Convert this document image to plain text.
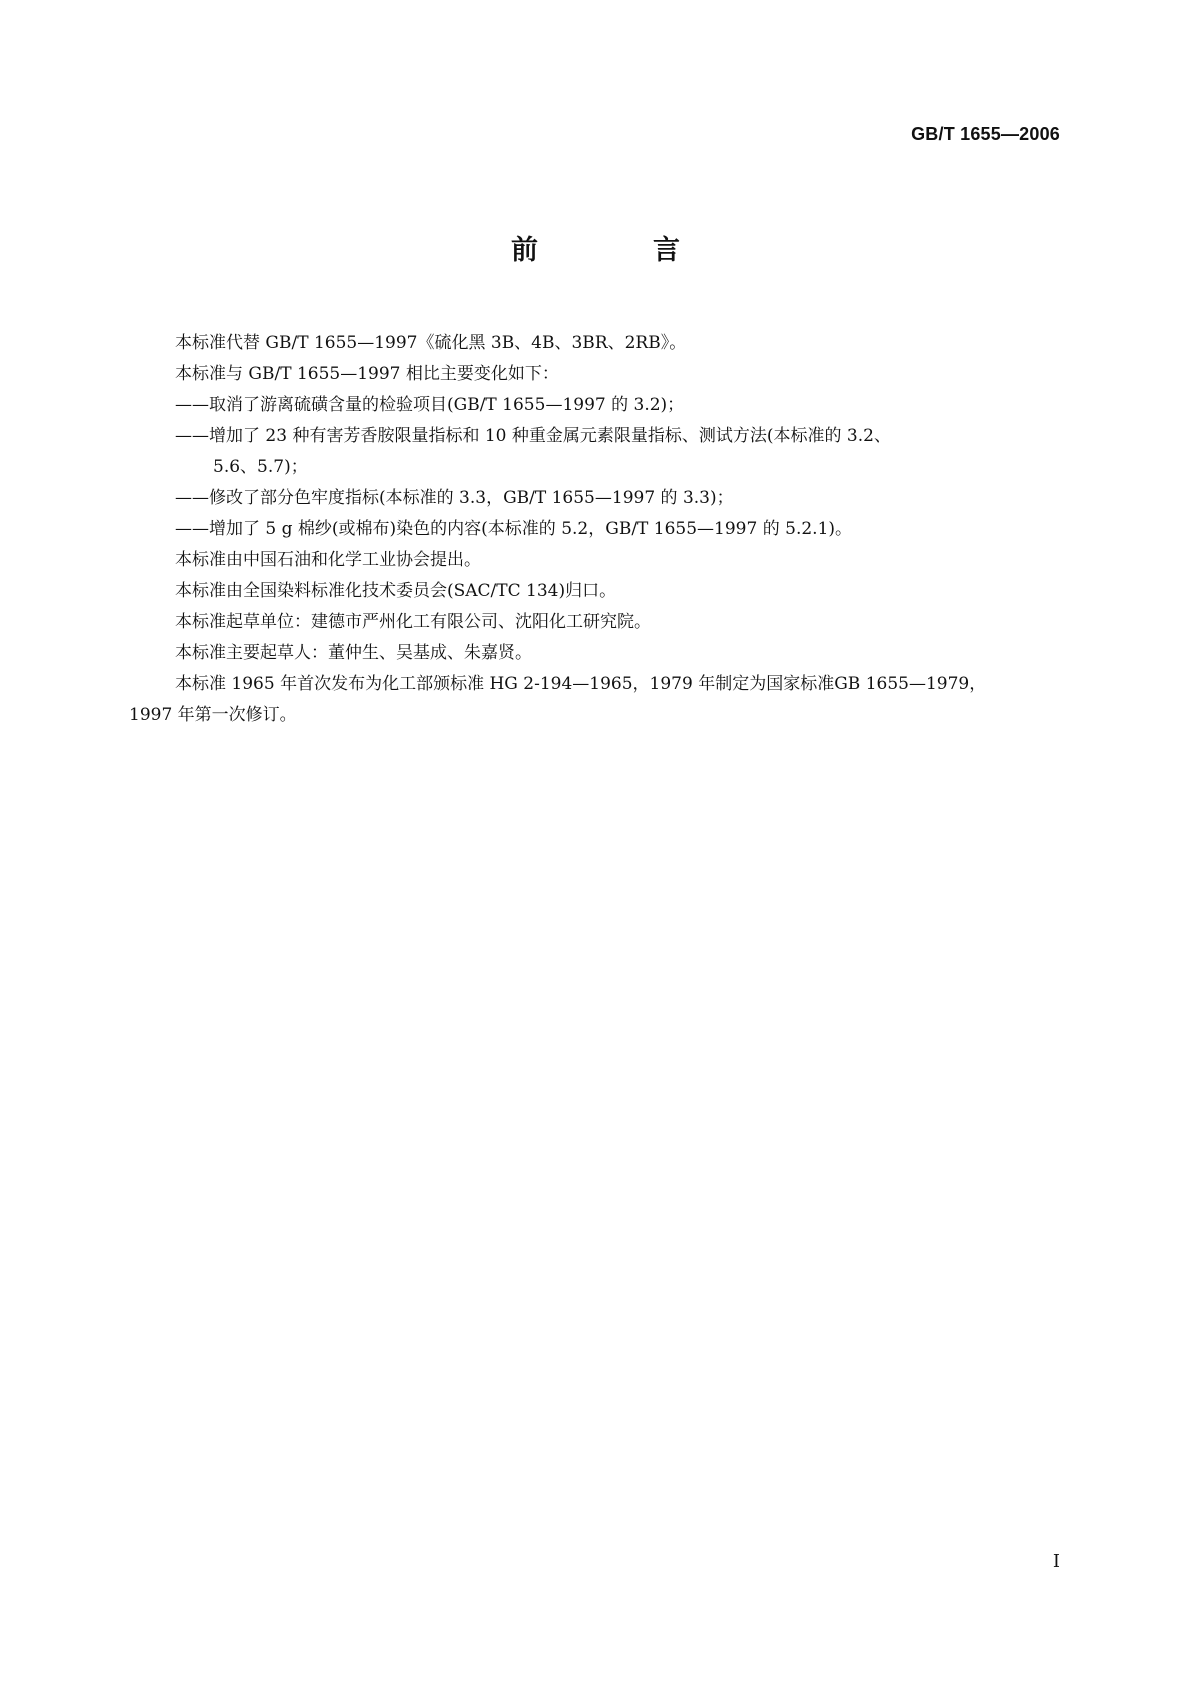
GB/T 1655—2006
前　言

本标准代替 GB/T 1655—1997《硫化黑 3B、4B、3BR、2RB》。

本标准与 GB/T 1655—1997 相比主要变化如下：

——取消了游离硫磺含量的检验项目(GB/T 1655—1997 的 3.2)；

——增加了 23 种有害芳香胺限量指标和 10 种重金属元素限量指标、测试方法(本标准的 3.2、

5.6、5.7)；

——修改了部分色牢度指标(本标准的 3.3，GB/T 1655—1997 的 3.3)；

——增加了 5 g 棉纱(或棉布)染色的内容(本标准的 5.2，GB/T 1655—1997 的 5.2.1)。

本标准由中国石油和化学工业协会提出。

本标准由全国染料标准化技术委员会(SAC/TC 134)归口。

本标准起草单位：建德市严州化工有限公司、沈阳化工研究院。

本标准主要起草人：董仲生、吴基成、朱嘉贤。

本标准 1965 年首次发布为化工部颁标准 HG 2-194—1965，1979 年制定为国家标准GB 1655—1979，

1997 年第一次修订。

I
